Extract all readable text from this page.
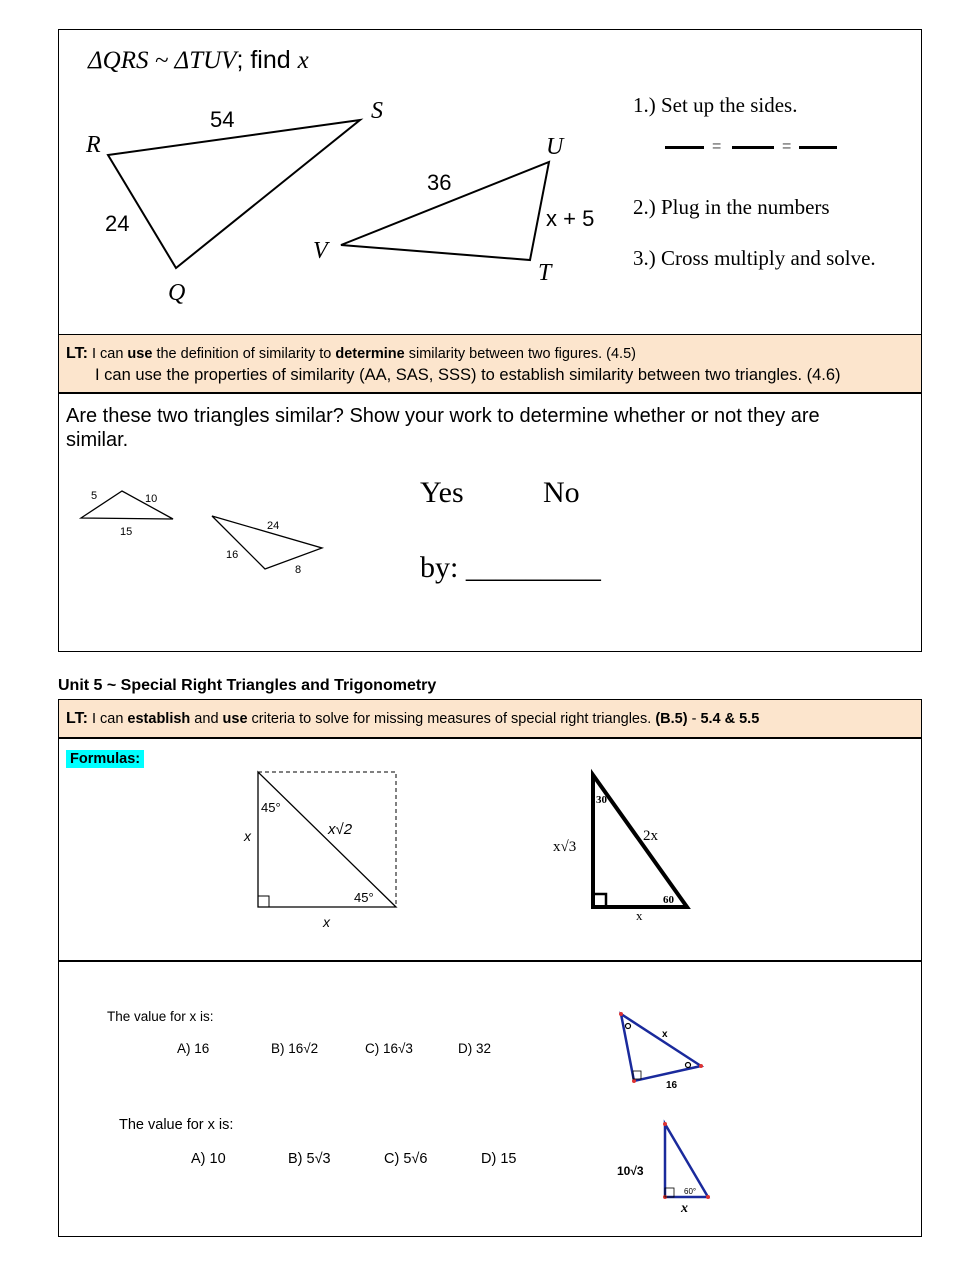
ΔQRS ~ ΔTUV; find x
R
S
Q
U
V
T
54
24
36
x + 5
1.) Set up the sides.
=	=
2.) Plug in the numbers
3.) Cross multiply and solve.
LT: I can use the definition of similarity to determine similarity between two figures. (4.5)
I can use the properties of similarity (AA, SAS, SSS) to establish similarity between two triangles. (4.6)
Are these two triangles similar? Show your work to determine whether or not they are similar.
5	10
15	24
16
8
Yes	No
by: _________
Unit 5 ~ Special Right Triangles and Trigonometry
LT: I can establish and use criteria to solve for missing measures of special right triangles. (B.5) - 5.4 & 5.5
Formulas:
45°
45°
x√2
x
x
30
60
2x
x√3
x
The value for x is:
A) 16	B) 16√2	C) 16√3	D) 32
x
16
The value for x is:
A) 10	B) 5√3	C) 5√6	D) 15
10√3
60°
x
